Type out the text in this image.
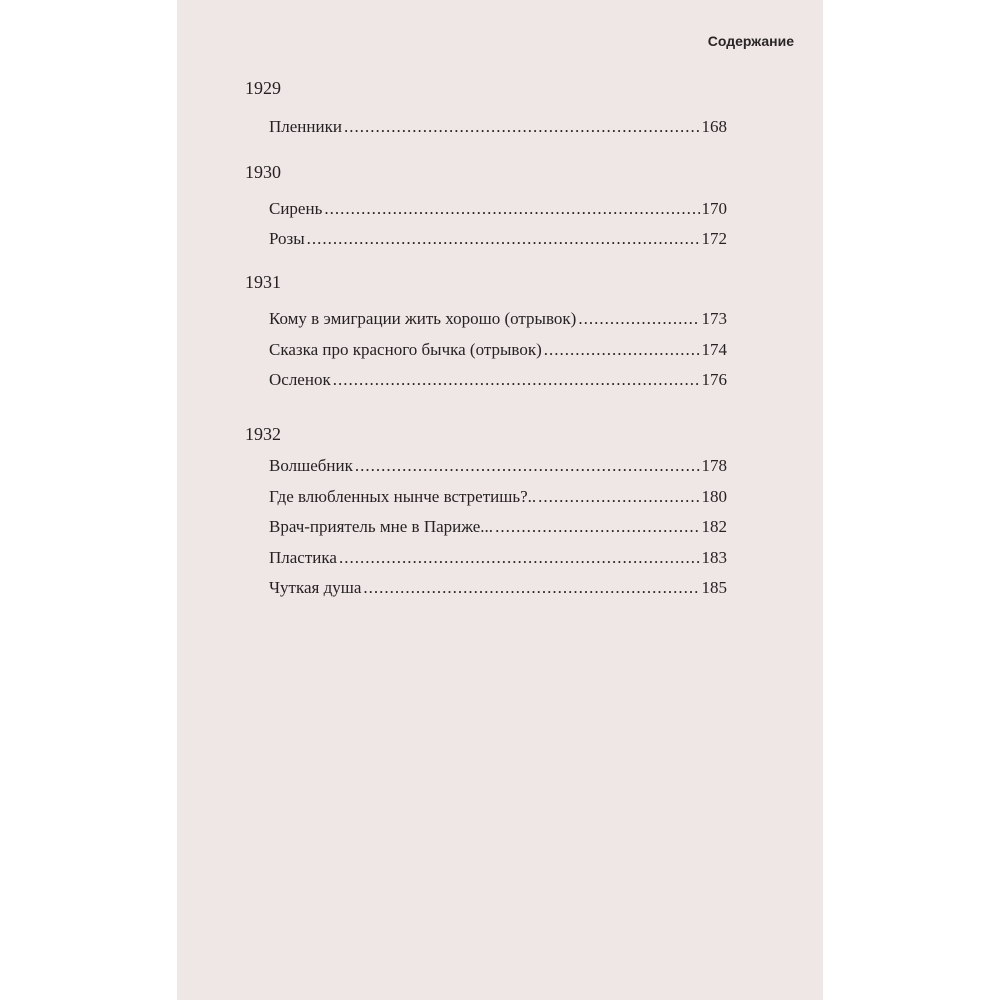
Содержание
1929
Пленники .....	168
1930
Сирень .....	170
Розы .....	172
1931
Кому в эмиграции жить хорошо (отрывок) .....	173
Сказка про красного бычка (отрывок) .....	174
Осленок .....	176
1932
Волшебник .....	178
Где влюбленных нынче встретишь?.. .....	180
Врач-приятель мне в Париже... .....	182
Пластика .....	183
Чуткая душа .....	185
